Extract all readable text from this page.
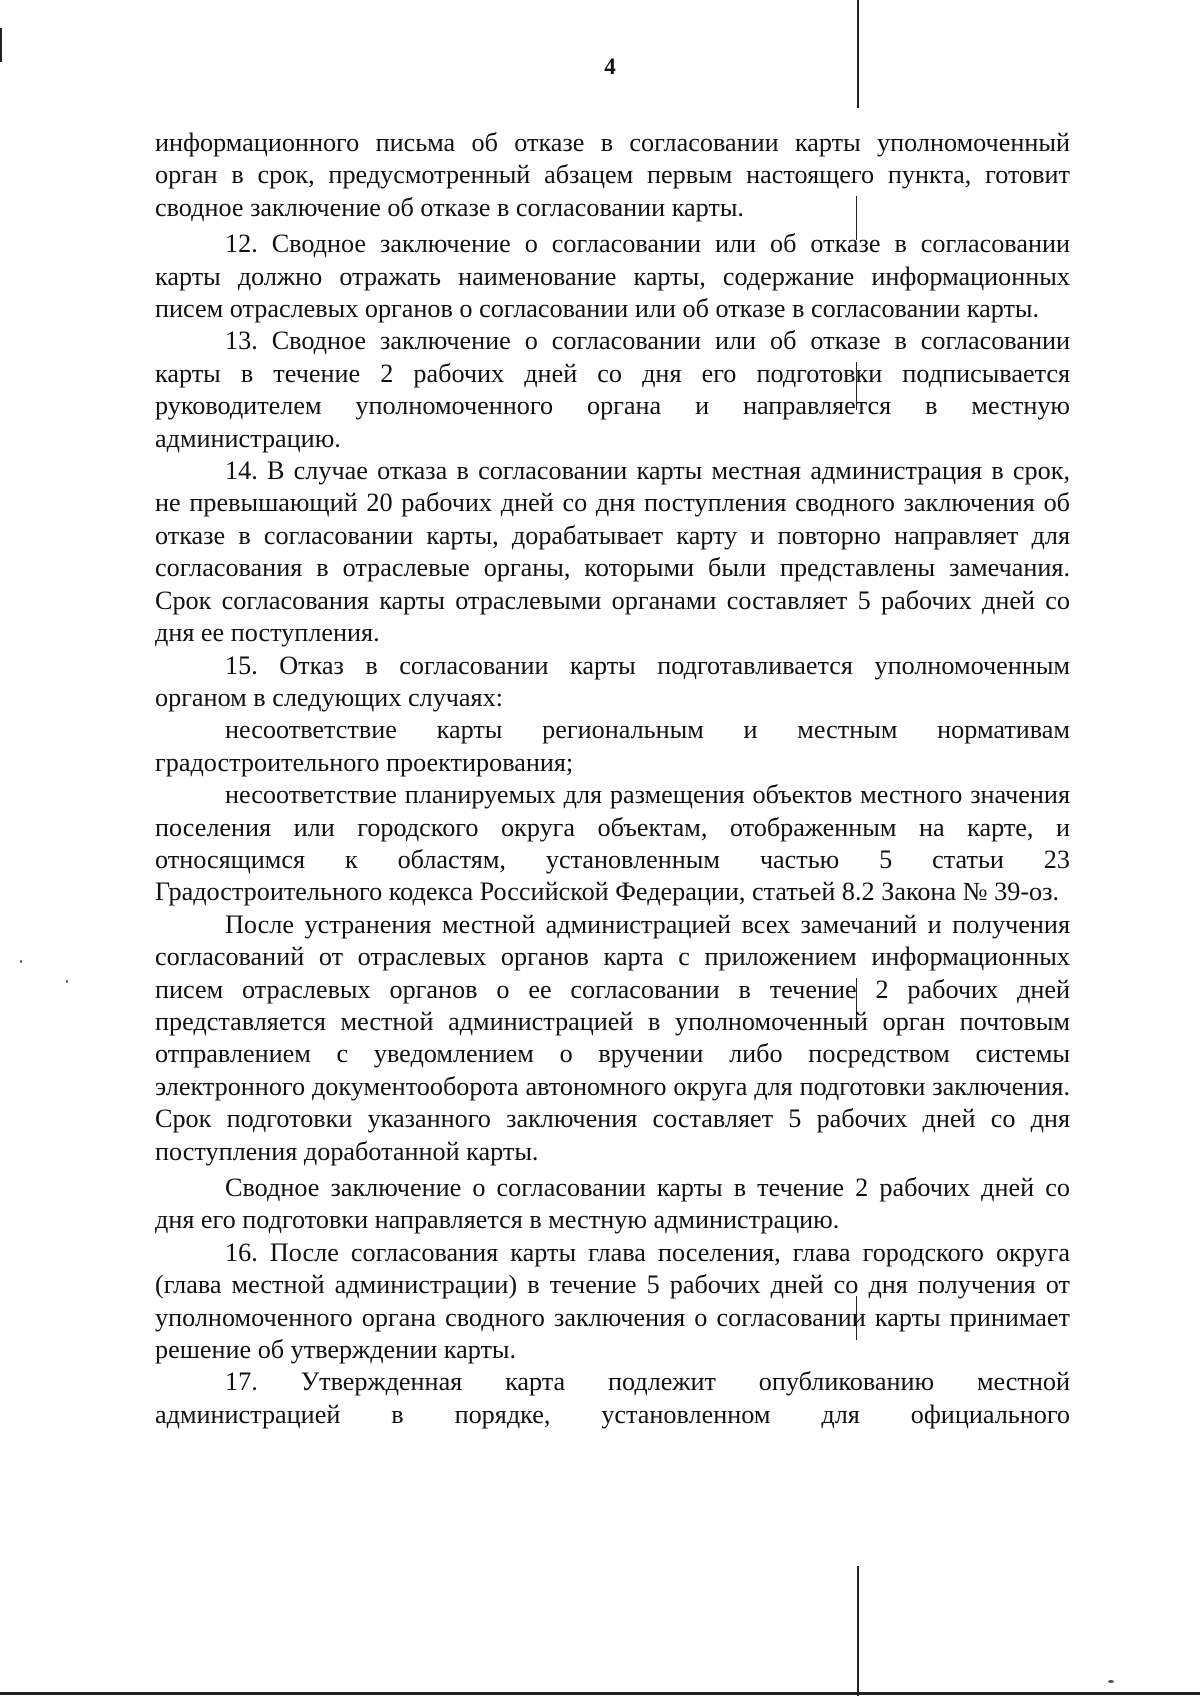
4

информационного письма об отказе в согласовании карты уполномоченный орган в срок, предусмотренный абзацем первым настоящего пункта, готовит сводное заключение об отказе в согласовании карты.

12. Сводное заключение о согласовании или об отказе в согласовании карты должно отражать наименование карты, содержание информационных писем отраслевых органов о согласовании или об отказе в согласовании карты.

13. Сводное заключение о согласовании или об отказе в согласовании карты в течение 2 рабочих дней со дня его подготовки подписывается руководителем уполномоченного органа и направляется в местную администрацию.

14. В случае отказа в согласовании карты местная администрация в срок, не превышающий 20 рабочих дней со дня поступления сводного заключения об отказе в согласовании карты, дорабатывает карту и повторно направляет для согласования в отраслевые органы, которыми были представлены замечания. Срок согласования карты отраслевыми органами составляет 5 рабочих дней со дня ее поступления.

15. Отказ в согласовании карты подготавливается уполномоченным органом в следующих случаях:

несоответствие карты региональным и местным нормативам градостроительного проектирования;

несоответствие планируемых для размещения объектов местного значения поселения или городского округа объектам, отображенным на карте, и относящимся к областям, установленным частью 5 статьи 23 Градостроительного кодекса Российской Федерации, статьей 8.2 Закона № 39-оз.

После устранения местной администрацией всех замечаний и получения согласований от отраслевых органов карта с приложением информационных писем отраслевых органов о ее согласовании в течение 2 рабочих дней представляется местной администрацией в уполномоченный орган почтовым отправлением с уведомлением о вручении либо посредством системы электронного документооборота автономного округа для подготовки заключения. Срок подготовки указанного заключения составляет 5 рабочих дней со дня поступления доработанной карты.

Сводное заключение о согласовании карты в течение 2 рабочих дней со дня его подготовки направляется в местную администрацию.

16. После согласования карты глава поселения, глава городского округа (глава местной администрации) в течение 5 рабочих дней со дня получения от уполномоченного органа сводного заключения о согласовании карты принимает решение об утверждении карты.

17. Утвержденная карта подлежит опубликованию местной администрацией в порядке, установленном для официального
